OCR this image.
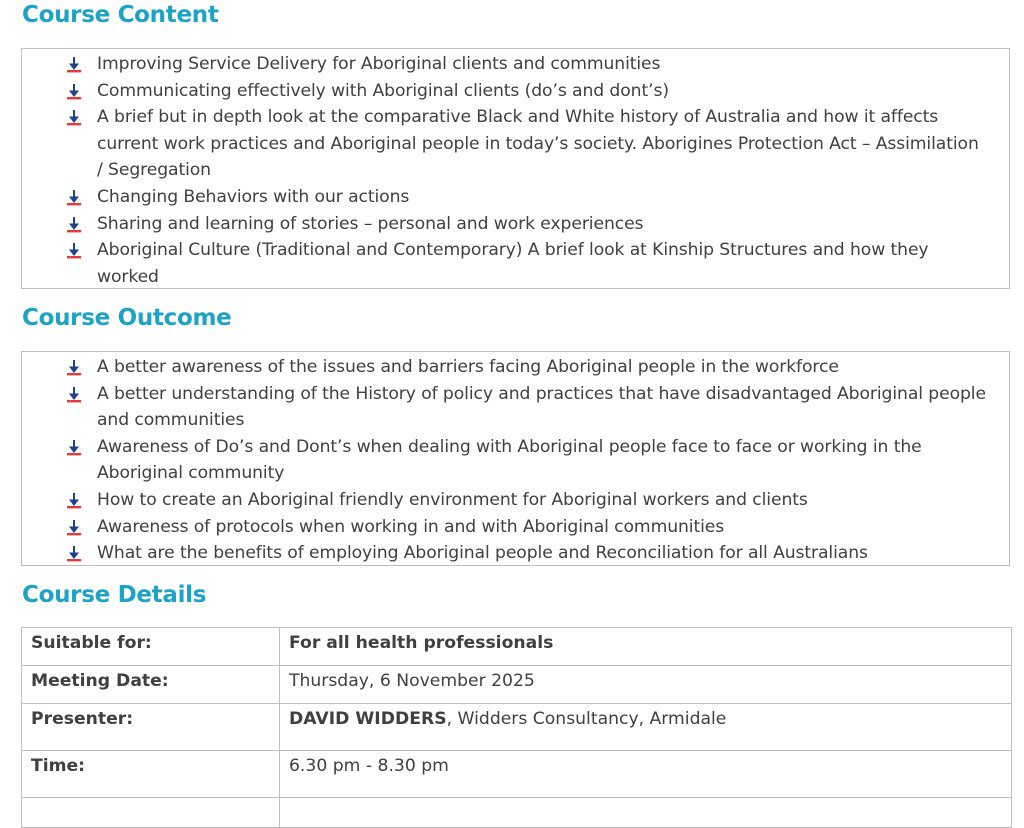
Course Content
Improving Service Delivery for Aboriginal clients and communities
Communicating effectively with Aboriginal clients (do’s and dont’s)
A brief but in depth look at the comparative Black and White history of Australia and how it affects current work practices and Aboriginal people in today’s society. Aborigines Protection Act – Assimilation / Segregation
Changing Behaviors with our actions
Sharing and learning of stories – personal and work experiences
Aboriginal Culture (Traditional and Contemporary) A brief look at Kinship Structures and how they worked
Course Outcome
A better awareness of the issues and barriers facing Aboriginal people in the workforce
A better understanding of the History of policy and practices that have disadvantaged Aboriginal people and communities
Awareness of Do’s and Dont’s when dealing with Aboriginal people face to face or working in the Aboriginal community
How to create an Aboriginal friendly environment for Aboriginal workers and clients
Awareness of protocols when working in and with Aboriginal communities
What are the benefits of employing Aboriginal people and Reconciliation for all Australians
Course Details
Suitable for:	For all health professionals
Meeting Date:	Thursday, 6 November 2025
Presenter:	DAVID WIDDERS, Widders Consultancy, Armidale
Time:	6.30 pm - 8.30 pm
